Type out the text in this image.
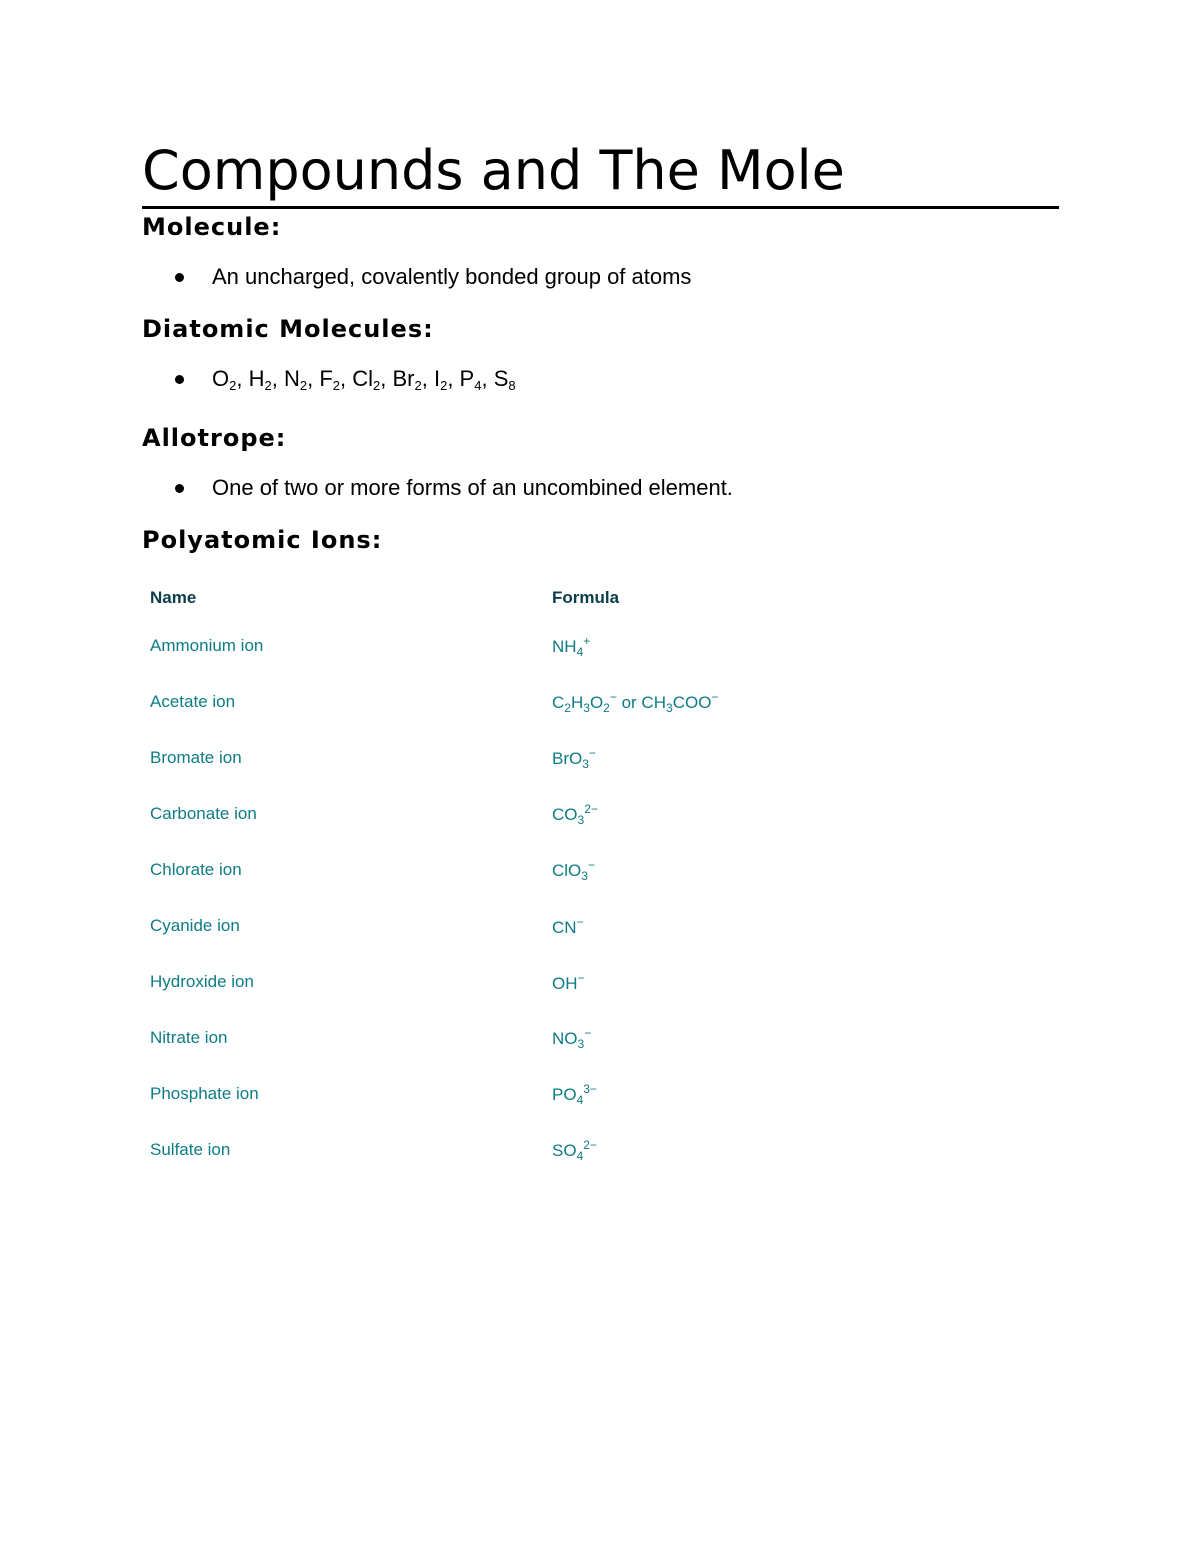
Compounds and The Mole
Molecule:
An uncharged, covalently bonded group of atoms
Diatomic Molecules:
$O_2$, $H_2$, $N_2$, $F_2$, $Cl_2$, $Br_2$, $I_2$, $P_4$, $S_8$
Allotrope:
One of two or more forms of an uncombined element.
Polyatomic Ions:
Name	Formula
Ammonium ion	$NH_4^+$
Acetate ion	$C_2H_3O_2^-$ or $CH_3COO^-$
Bromate ion	BrO$_3$−
Carbonate ion	$CO_3^{2-}$
Chlorate ion	ClO$_3$−
Cyanide ion	CN−
Hydroxide ion	OH−
Nitrate ion	$NO_3^-$
Phosphate ion	$PO_4^{3-}$
Sulfate ion	$SO_4^{2-}$
